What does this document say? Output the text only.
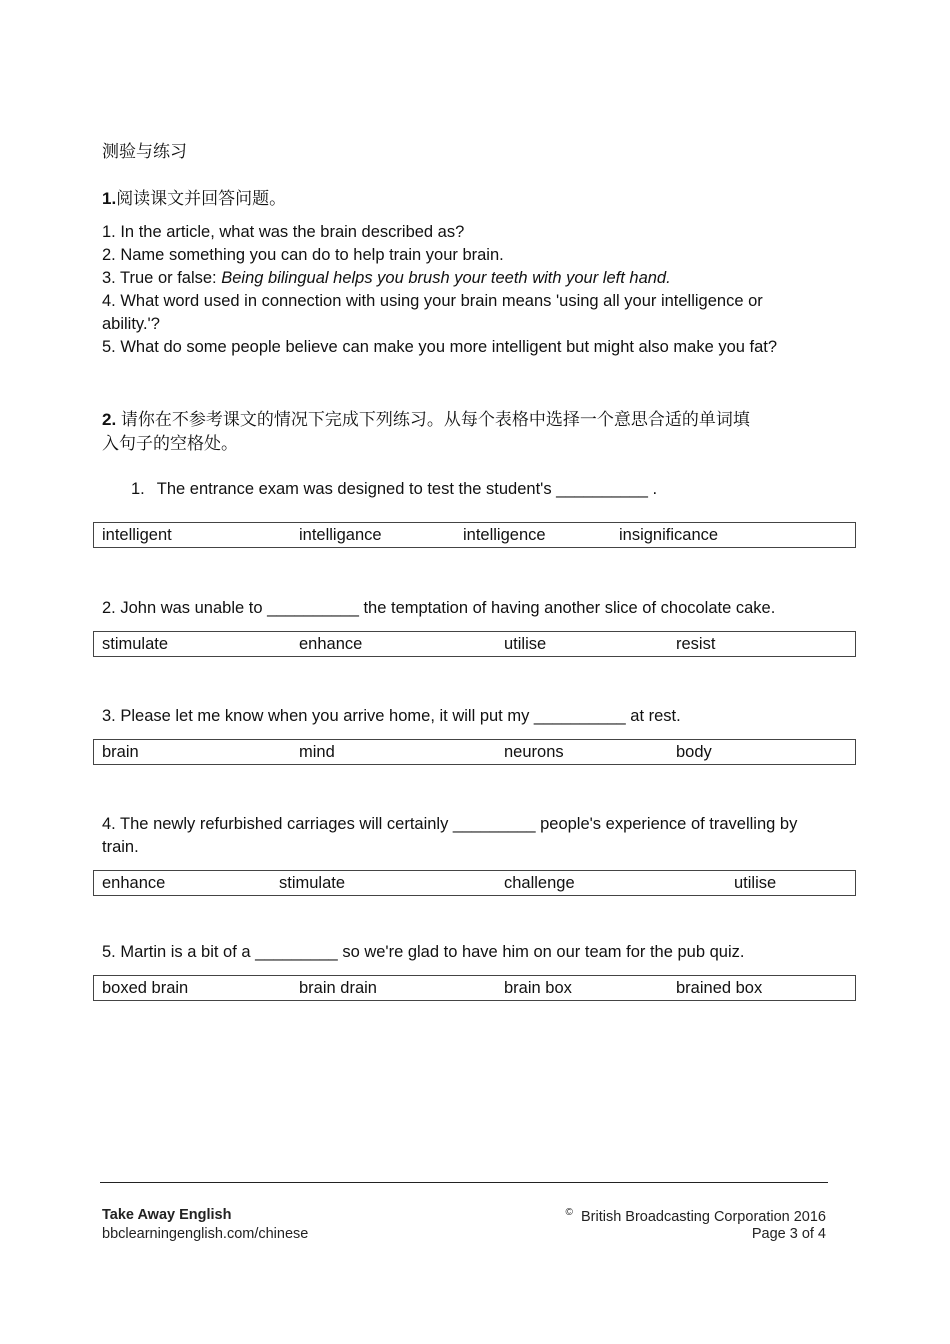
测验与练习
1.阅读课文并回答问题。
1. In the article, what was the brain described as?
2. Name something you can do to help train your brain.
3. True or false: Being bilingual helps you brush your teeth with your left hand.
4. What word used in connection with using your brain means 'using all your intelligence or
ability.'?
5. What do some people believe can make you more intelligent but might also make you fat?
2. 请你在不参考课文的情况下完成下列练习。从每个表格中选择一个意思合适的单词填
入句子的空格处。
1. The entrance exam was designed to test the student's __________ .
intelligent	intelligance	intelligence	insignificance
2. John was unable to __________ the temptation of having another slice of chocolate cake.
stimulate	enhance	utilise	resist
3. Please let me know when you arrive home, it will put my __________ at rest.
brain	mind	neurons	body
4. The newly refurbished carriages will certainly _________ people's experience of travelling by
train.
enhance	stimulate	challenge	utilise
5. Martin is a bit of a _________ so we're glad to have him on our team for the pub quiz.
boxed brain	brain drain	brain box	brained box
Take Away English
bbclearningenglish.com/chinese
© British Broadcasting Corporation 2016
Page 3 of 4
